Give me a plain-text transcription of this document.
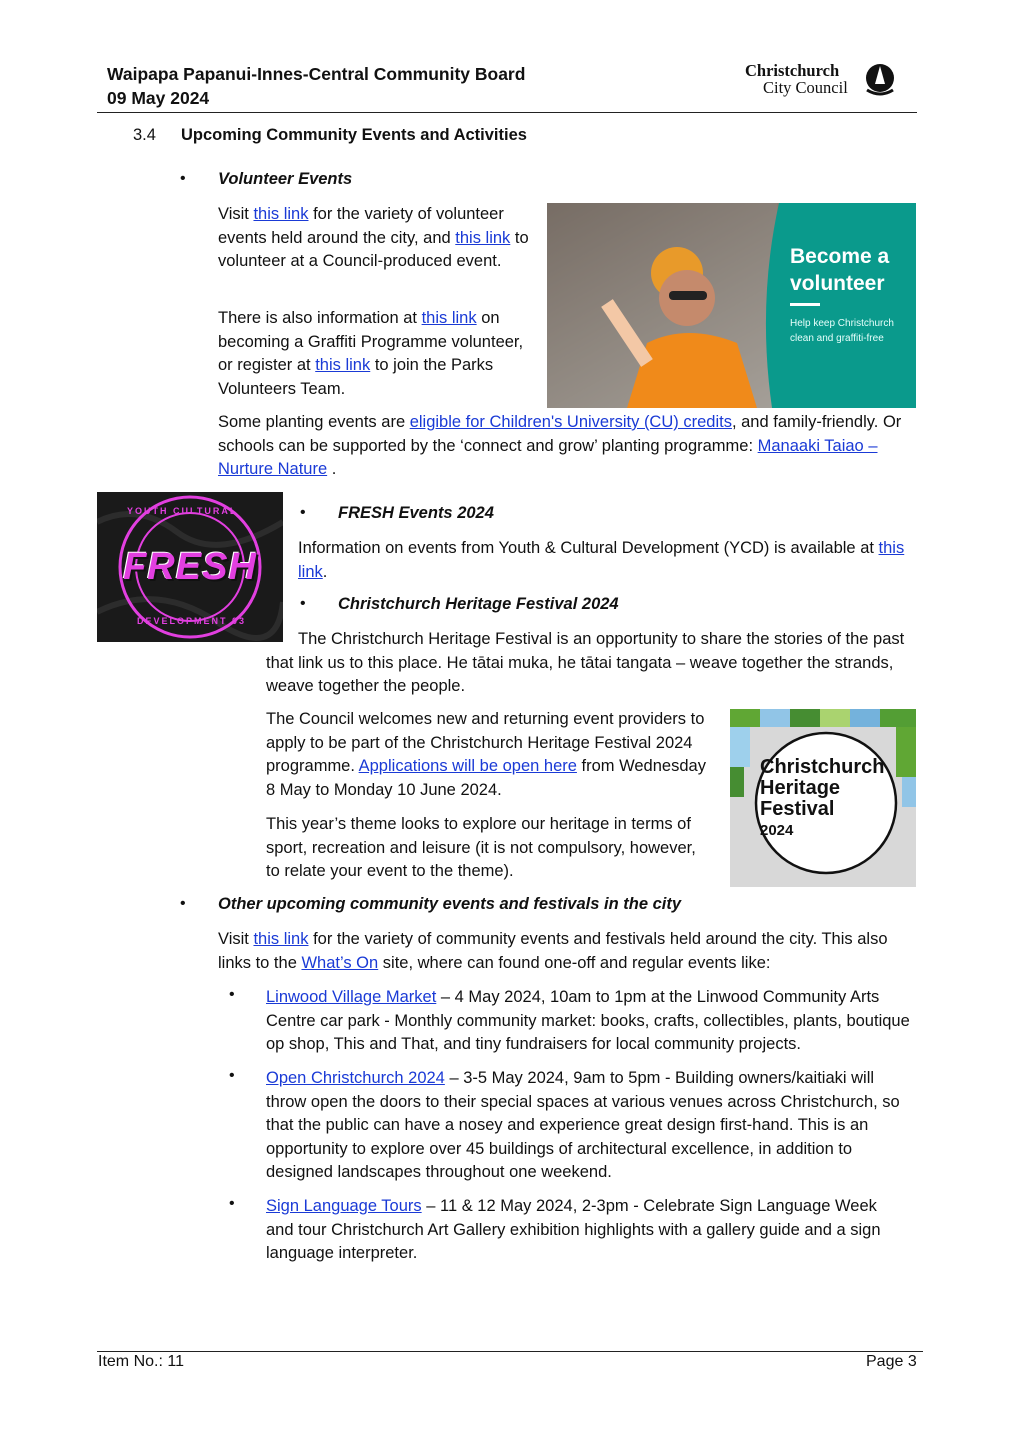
Waipapa Papanui-Innes-Central Community Board
09 May 2024
Christchurch
City Council
3.4 Upcoming Community Events and Activities
• Volunteer Events

Visit this link for the variety of volunteer events held around the city, and this link to volunteer at a Council-produced event.

There is also information at this link on becoming a Graffiti Programme volunteer, or register at this link to join the Parks Volunteers Team.

Some planting events are eligible for Children's University (CU) credits, and family-friendly. Or schools can be supported by the ‘connect and grow’ planting programme: Manaaki Taiao – Nurture Nature .

Become a volunteer
Help keep Christchurch clean and graffiti-free
YOUTH CULTURAL
FRESH
DEVELOPMENT 03
• FRESH Events 2024

Information on events from Youth & Cultural Development (YCD) is available at this link.

• Christchurch Heritage Festival 2024

The Christchurch Heritage Festival is an opportunity to share the stories of the past that link us to this place. He tātai muka, he tātai tangata – weave together the strands, weave together the people.

The Council welcomes new and returning event providers to apply to be part of the Christchurch Heritage Festival 2024 programme. Applications will be open here from Wednesday 8 May to Monday 10 June 2024.

This year’s theme looks to explore our heritage in terms of sport, recreation and leisure (it is not compulsory, however, to relate your event to the theme).

Christchurch
Heritage
Festival
2024
• Other upcoming community events and festivals in the city

Visit this link for the variety of community events and festivals held around the city. This also links to the What’s On site, where can found one-off and regular events like:

• Linwood Village Market – 4 May 2024, 10am to 1pm at the Linwood Community Arts Centre car park - Monthly community market: books, crafts, collectibles, plants, boutique op shop, This and That, and tiny fundraisers for local community projects.

• Open Christchurch 2024 – 3-5 May 2024, 9am to 5pm - Building owners/kaitiaki will throw open the doors to their special spaces at various venues across Christchurch, so that the public can have a nosey and experience great design first-hand. This is an opportunity to explore over 45 buildings of architectural excellence, in addition to designed landscapes throughout one weekend.

• Sign Language Tours – 11 & 12 May 2024, 2-3pm - Celebrate Sign Language Week and tour Christchurch Art Gallery exhibition highlights with a gallery guide and a sign language interpreter.

Item No.: 11	Page 3
